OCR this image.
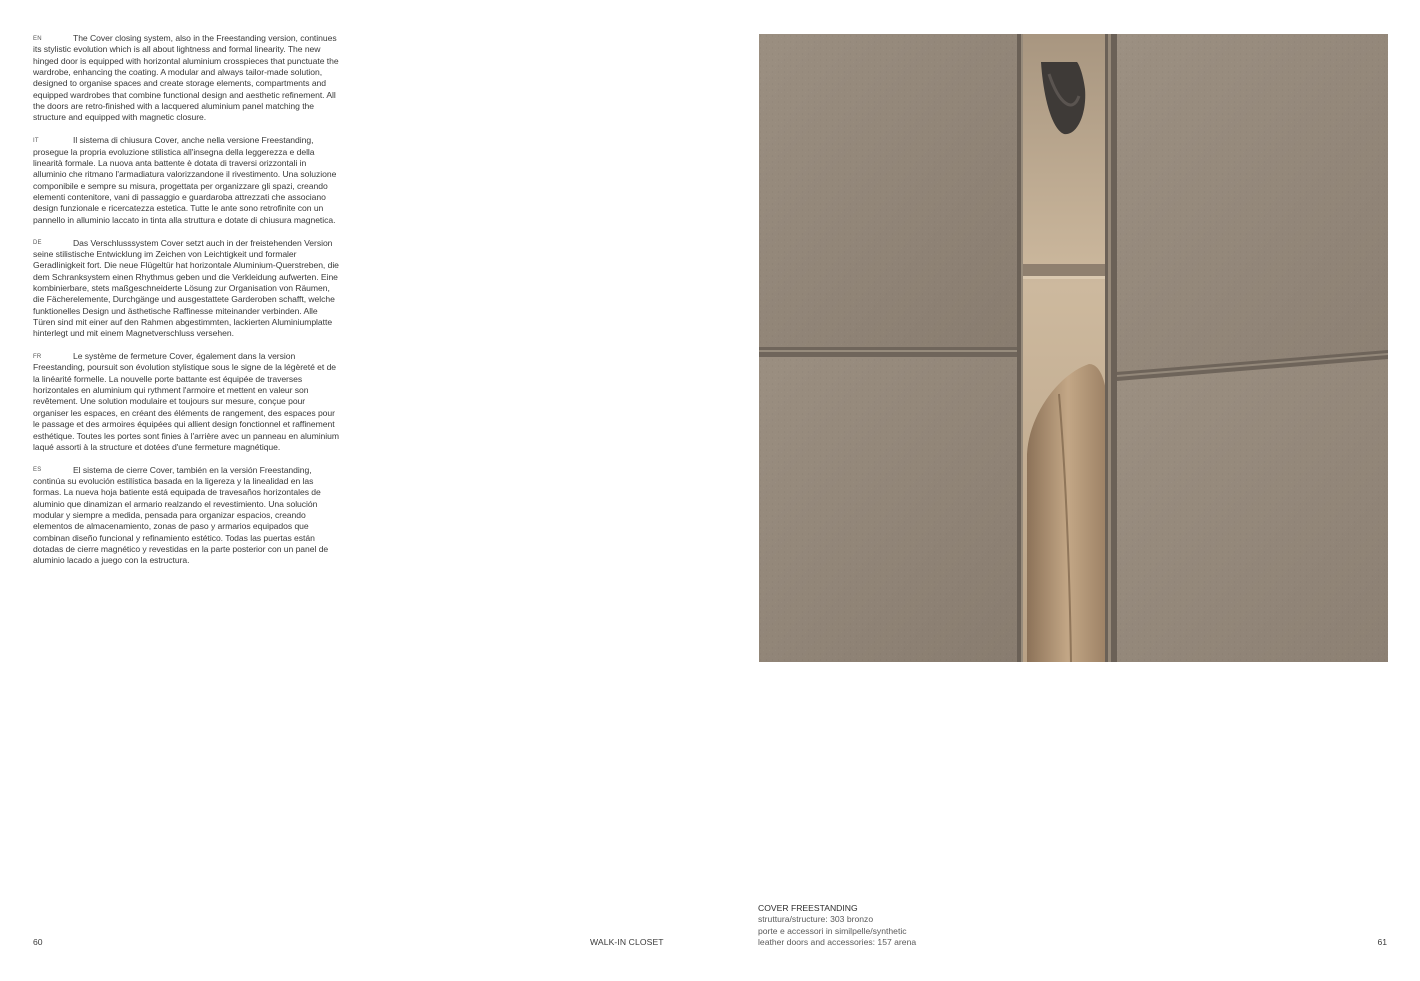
EN	The Cover closing system, also in the Freestanding version, continues its stylistic evolution which is all about lightness and formal linearity. The new hinged door is equipped with horizontal aluminium crosspieces that punctuate the wardrobe, enhancing the coating. A modular and always tailor-made solution, designed to organise spaces and create storage elements, compartments and equipped wardrobes that combine functional design and aesthetic refinement. All the doors are retro-finished with a lacquered aluminium panel matching the structure and equipped with magnetic closure.
IT	Il sistema di chiusura Cover, anche nella versione Freestanding, prosegue la propria evoluzione stilistica all'insegna della leggerezza e della linearità formale. La nuova anta battente è dotata di traversi orizzontali in alluminio che ritmano l'armadiatura valorizzandone il rivestimento. Una soluzione componibile e sempre su misura, progettata per organizzare gli spazi, creando elementi contenitore, vani di passaggio e guardaroba attrezzati che associano design funzionale e ricercatezza estetica. Tutte le ante sono retrofinite con un pannello in alluminio laccato in tinta alla struttura e dotate di chiusura magnetica.
DE	Das Verschlusssystem Cover setzt auch in der freistehenden Version seine stilistische Entwicklung im Zeichen von Leichtigkeit und formaler Geradlinigkeit fort. Die neue Flügeltür hat horizontale Aluminium-Querstreben, die dem Schranksystem einen Rhythmus geben und die Verkleidung aufwerten. Eine kombinierbare, stets maßgeschneiderte Lösung zur Organisation von Räumen, die Fächerelemente, Durchgänge und ausgestattete Garderoben schafft, welche funktionelles Design und ästhetische Raffinesse miteinander verbinden. Alle Türen sind mit einer auf den Rahmen abgestimmten, lackierten Aluminiumplatte hinterlegt und mit einem Magnetverschluss versehen.
FR	Le système de fermeture Cover, également dans la version Freestanding, poursuit son évolution stylistique sous le signe de la légèreté et de la linéarité formelle. La nouvelle porte battante est équipée de traverses horizontales en aluminium qui rythment l'armoire et mettent en valeur son revêtement. Une solution modulaire et toujours sur mesure, conçue pour organiser les espaces, en créant des éléments de rangement, des espaces pour le passage et des armoires équipées qui allient design fonctionnel et raffinement esthétique. Toutes les portes sont finies à l'arrière avec un panneau en aluminium laqué assorti à la structure et dotées d'une fermeture magnétique.
ES	El sistema de cierre Cover, también en la versión Freestanding, continúa su evolución estilística basada en la ligereza y la linealidad en las formas. La nueva hoja batiente está equipada de travesaños horizontales de aluminio que dinamizan el armario realzando el revestimiento. Una solución modular y siempre a medida, pensada para organizar espacios, creando elementos de almacenamiento, zonas de paso y armarios equipados que combinan diseño funcional y refinamiento estético. Todas las puertas están dotadas de cierre magnético y revestidas en la parte posterior con un panel de aluminio lacado a juego con la estructura.
60	WALK-IN CLOSET
COVER FREESTANDING
struttura/structure: 303 bronzo
porte e accessori in similpelle/synthetic
leather doors and accessories: 157 arena	61
